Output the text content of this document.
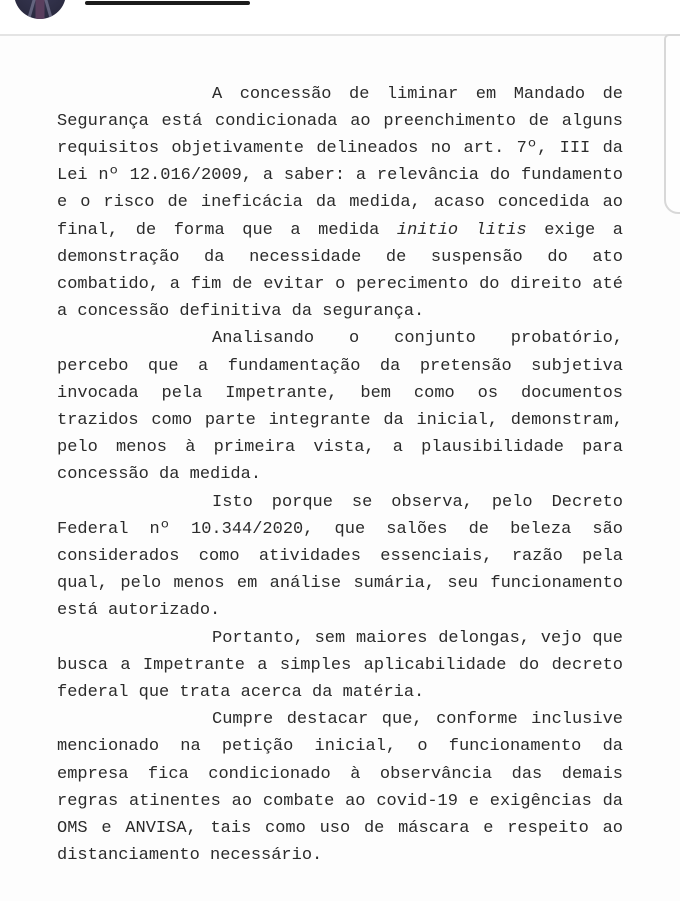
A concessão de liminar em Mandado de Segurança está condicionada ao preenchimento de alguns requisitos objetivamente delineados no art. 7º, III da Lei nº 12.016/2009, a saber: a relevância do fundamento e o risco de ineficácia da medida, acaso concedida ao final, de forma que a medida initio litis exige a demonstração da necessidade de suspensão do ato combatido, a fim de evitar o perecimento do direito até a concessão definitiva da segurança.

Analisando o conjunto probatório, percebo que a fundamentação da pretensão subjetiva invocada pela Impetrante, bem como os documentos trazidos como parte integrante da inicial, demonstram, pelo menos à primeira vista, a plausibilidade para concessão da medida.

Isto porque se observa, pelo Decreto Federal nº 10.344/2020, que salões de beleza são considerados como atividades essenciais, razão pela qual, pelo menos em análise sumária, seu funcionamento está autorizado.

Portanto, sem maiores delongas, vejo que busca a Impetrante a simples aplicabilidade do decreto federal que trata acerca da matéria.

Cumpre destacar que, conforme inclusive mencionado na petição inicial, o funcionamento da empresa fica condicionado à observância das demais regras atinentes ao combate ao covid-19 e exigências da OMS e ANVISA, tais como uso de máscara e respeito ao distanciamento necessário.
